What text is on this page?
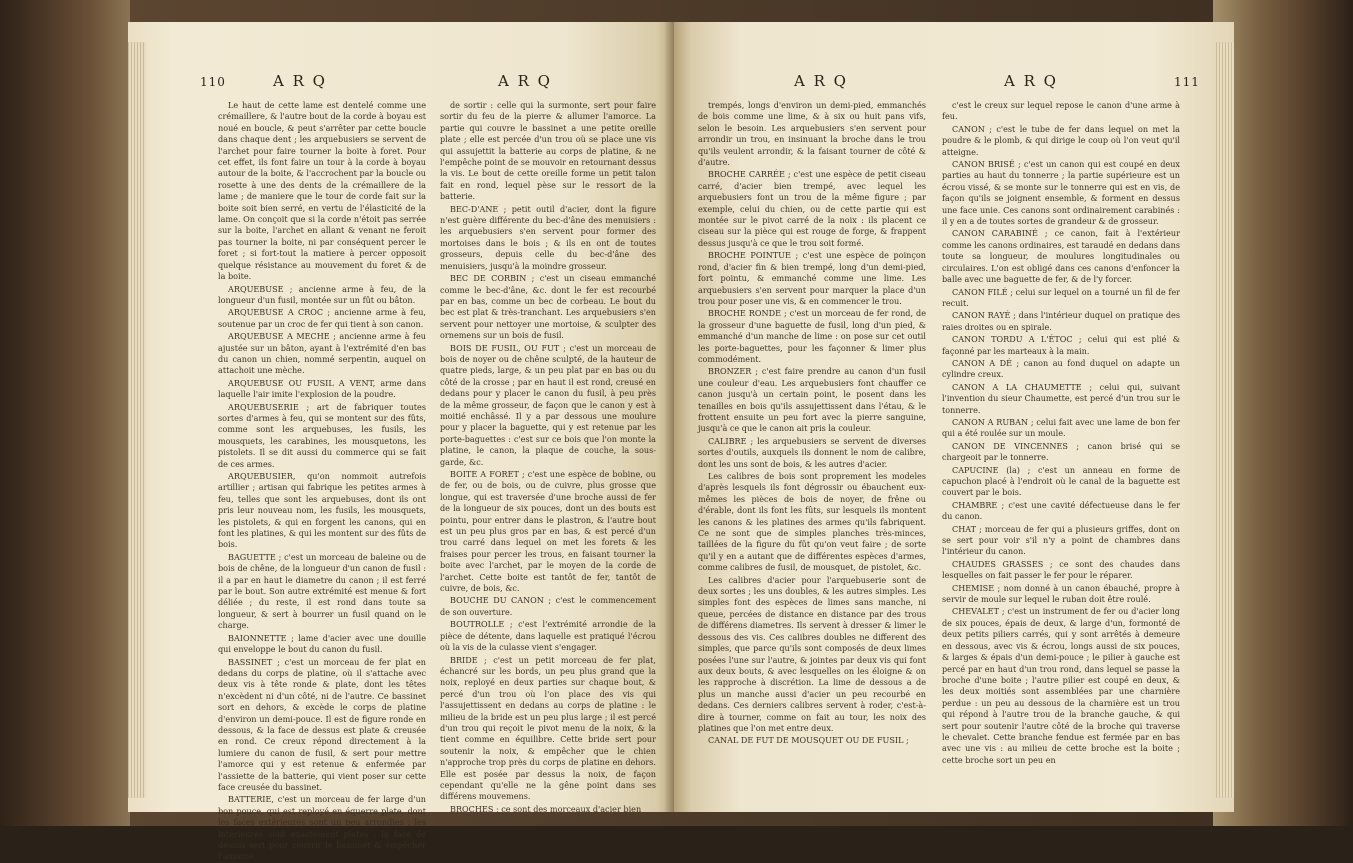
110	A R Q	A R Q

Le haut de cette lame est dentelé comme une crémaillere, & l'autre bout de la corde à boyau est noué en boucle, & peut s'arrêter par cette boucle dans chaque dent ; les arquebusiers se servent de l'archet pour faire tourner la boite à foret. Pour cet effet, ils font faire un tour à la corde à boyau autour de la boite, & l'accrochent par la boucle ou rosette à une des dents de la crémaillere de la lame ; de maniere que le tour de corde fait sur la boite soit bien serré, en vertu de l'élasticité de la lame. On conçoit que si la corde n'étoit pas serrée sur la boite, l'archet en allant & venant ne feroit pas tourner la boite, ni par conséquent percer le foret ; si fort-tout la matiere à percer opposoit quelque résistance au mouvement du foret & de la boite.

ARQUEBUSE ; ancienne arme à feu, de la longueur d'un fusil, montée sur un fût ou bâton.

ARQUEBUSE A CROC ; ancienne arme à feu, soutenue par un croc de fer qui tient à son canon.

ARQUEBUSE A MECHE ; ancienne arme à feu ajustée sur un bâton, ayant à l'extrémité d'en bas du canon un chien, nommé serpentin, auquel on attachoit une mèche.

ARQUEBUSE OU FUSIL A VENT, arme dans laquelle l'air imite l'explosion de la poudre.

ARQUEBUSERIE ; art de fabriquer toutes sortes d'armes à feu, qui se montent sur des fûts, comme sont les arquebuses, les fusils, les mousquets, les carabines, les mousquetons, les pistolets. Il se dit aussi du commerce qui se fait de ces armes.

ARQUEBUSIER, qu'on nommoit autrefois artillier ; artisan qui fabrique les petites armes à feu, telles que sont les arquebuses, dont ils ont pris leur nouveau nom, les fusils, les mousquets, les pistolets, & qui en forgent les canons, qui en font les platines, & qui les montent sur des fûts de bois.

BAGUETTE ; c'est un morceau de baleine ou de bois de chêne, de la longueur d'un canon de fusil : il a par en haut le diametre du canon ; il est ferré par le bout. Son autre extrémité est menue & fort déliée ; du reste, il est rond dans toute sa longueur, & sert à bourrer un fusil quand on le charge.

BAIONNETTE ; lame d'acier avec une douille qui enveloppe le bout du canon du fusil.

BASSINET ; c'est un morceau de fer plat en dedans du corps de platine, où il s'attache avec deux vis à tête ronde & plate, dont les têtes n'excèdent ni d'un côté, ni de l'autre. Ce bassinet sort en dehors, & excède le corps de platine d'environ un demi-pouce. Il est de figure ronde en dessous, & la face de dessus est plate & creusée en rond. Ce creux répond directement à la lumiere du canon de fusil, & sert pour mettre l'amorce qui y est retenue & enfermée par l'assiette de la batterie, qui vient poser sur cette face creusée du bassinet.

BATTERIE, c'est un morceau de fer large d'un bon pouce, qui est reployé en équerre plate, dont les faces extérieures sont un peu arrondies ; les intérieures sont exactement plates : la face de dessus sert pour couvrir le bassinet & empêcher l'amorce

de sortir : celle qui la surmonte, sert pour faire sortir du feu de la pierre & allumer l'amorce. La partie qui couvre le bassinet a une petite oreille plate ; elle est percée d'un trou où se place une vis qui assujettit la batterie au corps de platine, & ne l'empêche point de se mouvoir en retournant dessus la vis. Le bout de cette oreille forme un petit talon fait en rond, lequel pèse sur le ressort de la batterie.

BEC-D'ANE ; petit outil d'acier, dont la figure n'est guère différente du bec-d'âne des menuisiers : les arquebusiers s'en servent pour former des mortoises dans le bois ; & ils en ont de toutes grosseurs, depuis celle du bec-d'âne des menuisiers, jusqu'à la moindre grosseur.

BEC DE CORBIN ; c'est un ciseau emmanché comme le bec-d'âne, &c. dont le fer est recourbé par en bas, comme un bec de corbeau. Le bout du bec est plat & très-tranchant. Les arquebusiers s'en servent pour nettoyer une mortoise, & sculpter des ornemens sur un bois de fusil.

BOIS DE FUSIL, OU FUT ; c'est un morceau de bois de noyer ou de chêne sculpté, de la hauteur de quatre pieds, large, & un peu plat par en bas ou du côté de la crosse ; par en haut il est rond, creusé en dedans pour y placer le canon du fusil, à peu près de la même grosseur, de façon que le canon y est à moitié enchâssé. Il y a par dessous une moulure pour y placer la baguette, qui y est retenue par les porte-baguettes : c'est sur ce bois que l'on monte la platine, le canon, la plaque de couche, la sous-garde, &c.

BOITE A FORET ; c'est une espèce de bobine, ou de fer, ou de bois, ou de cuivre, plus grosse que longue, qui est traversée d'une broche aussi de fer de la longueur de six pouces, dont un des bouts est pointu, pour entrer dans le plastron, & l'autre bout est un peu plus gros par en bas, & est percé d'un trou carré dans lequel on met les forets & les fraises pour percer les trous, en faisant tourner la boite avec l'archet, par le moyen de la corde de l'archet. Cette boite est tantôt de fer, tantôt de cuivre, de bois, &c.

BOUCHE DU CANON ; c'est le commencement de son ouverture.

BOUTROLLE ; c'est l'extrémité arrondie de la pièce de détente, dans laquelle est pratiqué l'écrou où la vis de la culasse vient s'engager.

BRIDE ; c'est un petit morceau de fer plat, échancré sur les bords, un peu plus grand que la noix, reployé en deux parties sur chaque bout, & percé d'un trou où l'on place des vis qui l'assujettissent en dedans au corps de platine : le milieu de la bride est un peu plus large ; il est percé d'un trou qui reçoit le pivot menu de la noix, & la tient comme en équilibre. Cette bride sert pour soutenir la noix, & empêcher que le chien n'approche trop près du corps de platine en dehors. Elle est posée par dessus la noix, de façon cependant qu'elle ne la gêne point dans ses différens mouvemens.

BROCHES ; ce sont des morceaux d'acier bien

A R Q	A R Q	111

trempés, longs d'environ un demi-pied, emmanchés de bois comme une lime, & à six ou huit pans vifs, selon le besoin. Les arquebusiers s'en servent pour arrondir un trou, en insinuant la broche dans le trou qu'ils veulent arrondir, & la faisant tourner de côté & d'autre.

BROCHE CARRÉE ; c'est une espèce de petit ciseau carré, d'acier bien trempé, avec lequel les arquebusiers font un trou de la même figure ; par exemple, celui du chien, ou de cette partie qui est montée sur le pivot carré de la noix : ils placent ce ciseau sur la pièce qui est rouge de forge, & frappent dessus jusqu'à ce que le trou soit formé.

BROCHE POINTUE ; c'est une espèce de poinçon rond, d'acier fin & bien trempé, long d'un demi-pied, fort pointu, & emmanché comme une lime. Les arquebusiers s'en servent pour marquer la place d'un trou pour poser une vis, & en commencer le trou.

BROCHE RONDE ; c'est un morceau de fer rond, de la grosseur d'une baguette de fusil, long d'un pied, & emmanché d'un manche de lime : on pose sur cet outil les porte-baguettes, pour les façonner & limer plus commodément.

BRONZER ; c'est faire prendre au canon d'un fusil une couleur d'eau. Les arquebusiers font chauffer ce canon jusqu'à un certain point, le posent dans les tenailles en bois qu'ils assujettissent dans l'étau, & le frottent ensuite un peu fort avec la pierre sanguine, jusqu'à ce que le canon ait pris la couleur.

CALIBRE ; les arquebusiers se servent de diverses sortes d'outils, auxquels ils donnent le nom de calibre, dont les uns sont de bois, & les autres d'acier.

Les calibres de bois sont proprement les modeles d'après lesquels ils font dégrossir ou ébauchent eux-mêmes les pièces de bois de noyer, de frêne ou d'érable, dont ils font les fûts, sur lesquels ils montent les canons & les platines des armes qu'ils fabriquent. Ce ne sont que de simples planches très-minces, taillées de la figure du fût qu'on veut faire ; de sorte qu'il y en a autant que de différentes espèces d'armes, comme calibres de fusil, de mousquet, de pistolet, &c.

Les calibres d'acier pour l'arquebuserie sont de deux sortes ; les uns doubles, & les autres simples. Les simples font des espèces de limes sans manche, ni queue, percées de distance en distance par des trous de différens diametres. Ils servent à dresser & limer le dessous des vis. Ces calibres doubles ne different des simples, que parce qu'ils sont composés de deux limes posées l'une sur l'autre, & jointes par deux vis qui font aux deux bouts, & avec lesquelles on les éloigne & on les rapproche à discrétion. La lime de dessous a de plus un manche aussi d'acier un peu recourbé en dedans. Ces derniers calibres servent à roder, c'est-à-dire à tourner, comme on fait au tour, les noix des platines que l'on met entre deux.

CANAL DE FUT DE MOUSQUET OU DE FUSIL ;

c'est le creux sur lequel repose le canon d'une arme à feu.

CANON ; c'est le tube de fer dans lequel on met la poudre & le plomb, & qui dirige le coup où l'on veut qu'il atteigne.

CANON BRISÉ ; c'est un canon qui est coupé en deux parties au haut du tonnerre ; la partie supérieure est un écrou vissé, & se monte sur le tonnerre qui est en vis, de façon qu'ils se joignent ensemble, & forment en dessus une face unie. Ces canons sont ordinairement carabinés : il y en a de toutes sortes de grandeur & de grosseur.

CANON CARABINÉ ; ce canon, fait à l'extérieur comme les canons ordinaires, est taraudé en dedans dans toute sa longueur, de moulures longitudinales ou circulaires. L'on est obligé dans ces canons d'enfoncer la balle avec une baguette de fer, & de l'y forcer.

CANON FILÉ ; celui sur lequel on a tourné un fil de fer recuit.

CANON RAYÉ ; dans l'intérieur duquel on pratique des raies droites ou en spirale.

CANON TORDU A L'ÉTOC ; celui qui est plié & façonné par les marteaux à la main.

CANON A DÉ ; canon au fond duquel on adapte un cylindre creux.

CANON A LA CHAUMETTE ; celui qui, suivant l'invention du sieur Chaumette, est percé d'un trou sur le tonnerre.

CANON A RUBAN ; celui fait avec une lame de bon fer qui a été roulée sur un moule.

CANON DE VINCENNES ; canon brisé qui se chargeoit par le tonnerre.

CAPUCINE (la) ; c'est un anneau en forme de capuchon placé à l'endroit où le canal de la baguette est couvert par le bois.

CHAMBRE ; c'est une cavité défectueuse dans le fer du canon.

CHAT ; morceau de fer qui a plusieurs griffes, dont on se sert pour voir s'il n'y a point de chambres dans l'intérieur du canon.

CHAUDES GRASSES ; ce sont des chaudes dans lesquelles on fait passer le fer pour le réparer.

CHEMISE ; nom donné à un canon ébauché, propre à servir de moule sur lequel le ruban doit être roulé.

CHEVALET ; c'est un instrument de fer ou d'acier long de six pouces, épais de deux, & large d'un, formonté de deux petits piliers carrés, qui y sont arrêtés à demeure en dessous, avec vis & écrou, longs aussi de six pouces, & larges & épais d'un demi-pouce ; le pilier à gauche est percé par en haut d'un trou rond, dans lequel se passe la broche d'une boite ; l'autre pilier est coupé en deux, & les deux moitiés sont assemblées par une charnière perdue : un peu au dessous de la charnière est un trou qui répond à l'autre trou de la branche gauche, & qui sert pour soutenir l'autre côté de la broche qui traverse le chevalet. Cette branche fendue est fermée par en bas avec une vis : au milieu de cette broche est la boite ; cette broche sort un peu en
